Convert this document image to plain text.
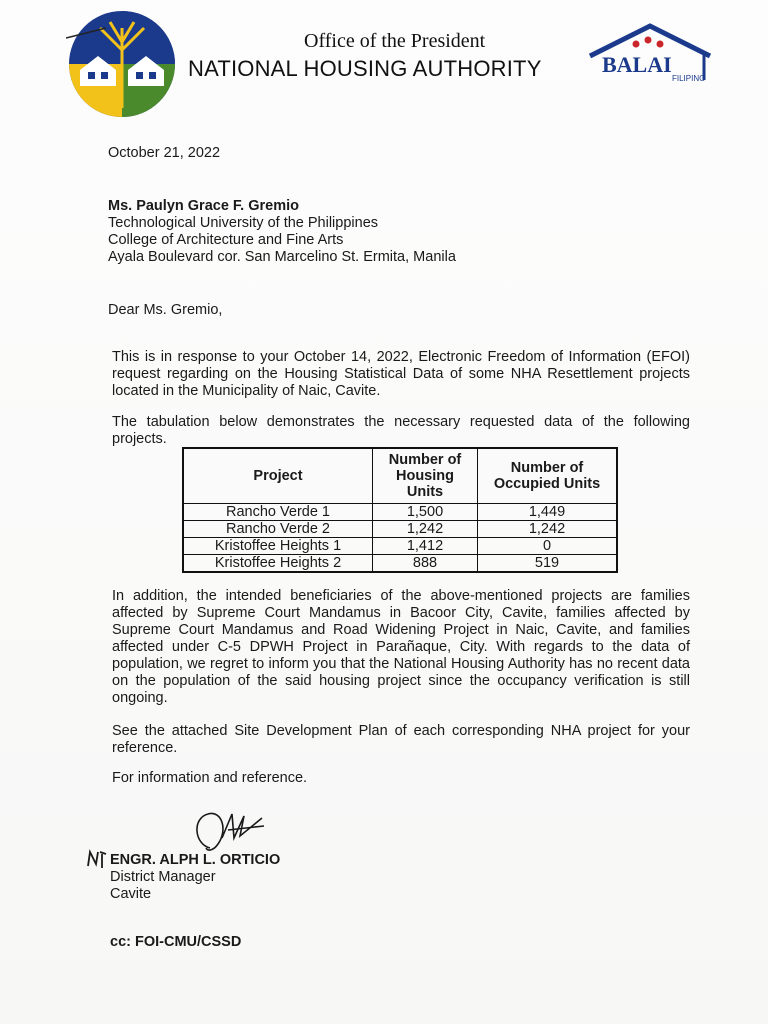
Office of the President
NATIONAL HOUSING AUTHORITY	BALAI
FILIPINO
October 21, 2022
Ms. Paulyn Grace F. Gremio
Technological University of the Philippines
College of Architecture and Fine Arts
Ayala Boulevard cor. San Marcelino St. Ermita, Manila
Dear Ms. Gremio,
This is in response to your October 14, 2022, Electronic Freedom of Information (EFOI) request regarding on the Housing Statistical Data of some NHA Resettlement projects located in the Municipality of Naic, Cavite.
The tabulation below demonstrates the necessary requested data of the following projects.
Project	Number of Housing Units	Number of Occupied Units
Rancho Verde 1	1,500	1,449
Rancho Verde 2	1,242	1,242
Kristoffee Heights 1	1,412	0
Kristoffee Heights 2	888	519
In addition, the intended beneficiaries of the above-mentioned projects are families affected by Supreme Court Mandamus in Bacoor City, Cavite, families affected by Supreme Court Mandamus and Road Widening Project in Naic, Cavite, and families affected under C-5 DPWH Project in Parañaque, City. With regards to the data of population, we regret to inform you that the National Housing Authority has no recent data on the population of the said housing project since the occupancy verification is still ongoing.
See the attached Site Development Plan of each corresponding NHA project for your reference.
For information and reference.
ENGR. ALPH L. ORTICIO
District Manager
Cavite
cc: FOI-CMU/CSSD
